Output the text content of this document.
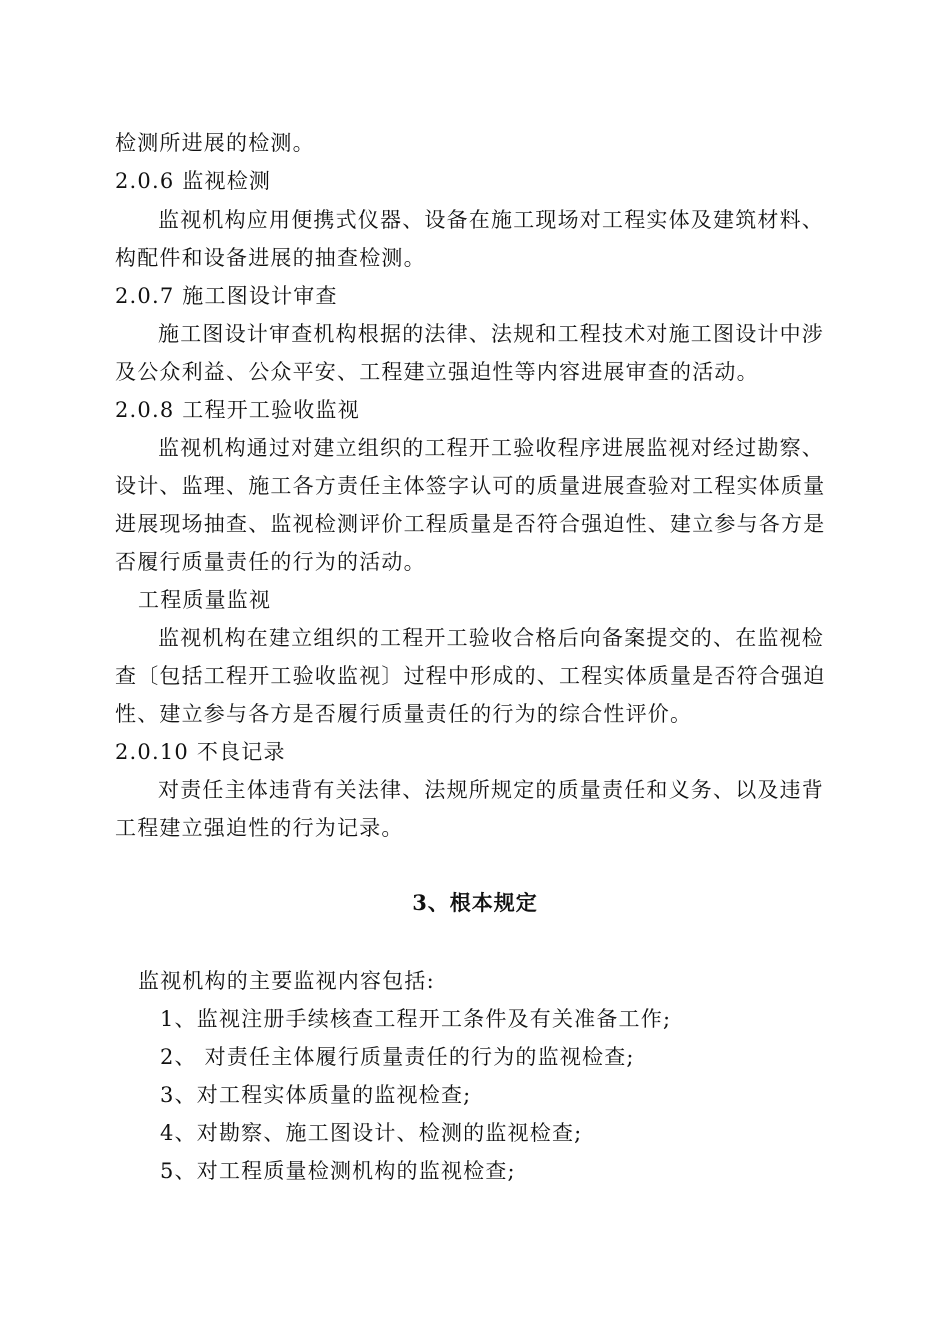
检测所进展的检测。
2.0.6 监视检测
监视机构应用便携式仪器、设备在施工现场对工程实体及建筑材料、
构配件和设备进展的抽查检测。
2.0.7 施工图设计审查
施工图设计审查机构根据的法律、法规和工程技术对施工图设计中涉
及公众利益、公众平安、工程建立强迫性等内容进展审查的活动。
2.0.8 工程开工验收监视
监视机构通过对建立组织的工程开工验收程序进展监视对经过勘察、
设计、监理、施工各方责任主体签字认可的质量进展查验对工程实体质量
进展现场抽查、监视检测评价工程质量是否符合强迫性、建立参与各方是
否履行质量责任的行为的活动。
工程质量监视
监视机构在建立组织的工程开工验收合格后向备案提交的、在监视检
查〔包括工程开工验收监视〕过程中形成的、工程实体质量是否符合强迫
性、建立参与各方是否履行质量责任的行为的综合性评价。
2.0.10 不良记录
对责任主体违背有关法律、法规所规定的质量责任和义务、以及违背
工程建立强迫性的行为记录。
3、根本规定
监视机构的主要监视内容包括:
1、监视注册手续核查工程开工条件及有关准备工作;
2、 对责任主体履行质量责任的行为的监视检查;
3、对工程实体质量的监视检查;
4、对勘察、施工图设计、检测的监视检查;
5、对工程质量检测机构的监视检查;
